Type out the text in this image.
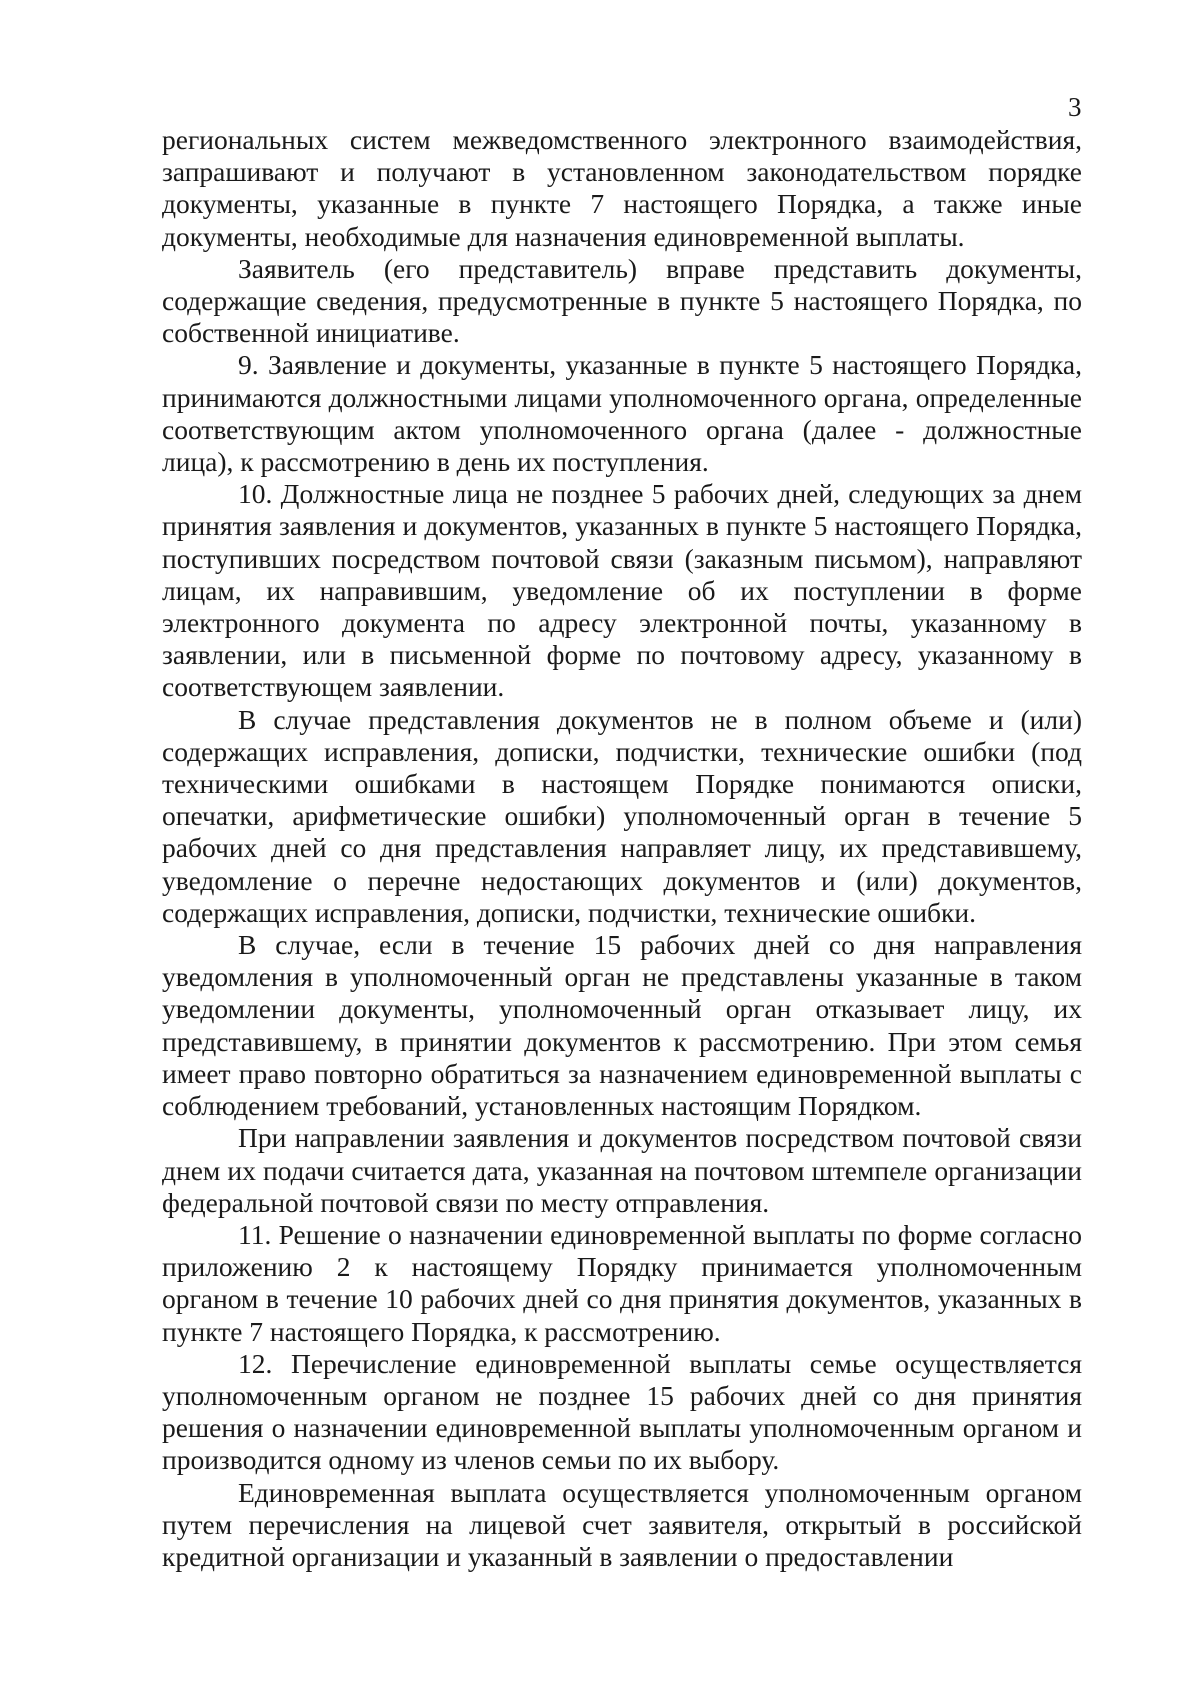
3

региональных систем межведомственного электронного взаимодействия, запрашивают и получают в установленном законодательством порядке документы, указанные в пункте 7 настоящего Порядка, а также иные документы, необходимые для назначения единовременной выплаты.

Заявитель (его представитель) вправе представить документы, содержащие сведения, предусмотренные в пункте 5 настоящего Порядка, по собственной инициативе.

9. Заявление и документы, указанные в пункте 5 настоящего Порядка, принимаются должностными лицами уполномоченного органа, определенные соответствующим актом уполномоченного органа (далее - должностные лица), к рассмотрению в день их поступления.

10. Должностные лица не позднее 5 рабочих дней, следующих за днем принятия заявления и документов, указанных в пункте 5 настоящего Порядка, поступивших посредством почтовой связи (заказным письмом), направляют лицам, их направившим, уведомление об их поступлении в форме электронного документа по адресу электронной почты, указанному в заявлении, или в письменной форме по почтовому адресу, указанному в соответствующем заявлении.

В случае представления документов не в полном объеме и (или) содержащих исправления, дописки, подчистки, технические ошибки (под техническими ошибками в настоящем Порядке понимаются описки, опечатки, арифметические ошибки) уполномоченный орган в течение 5 рабочих дней со дня представления направляет лицу, их представившему, уведомление о перечне недостающих документов и (или) документов, содержащих исправления, дописки, подчистки, технические ошибки.

В случае, если в течение 15 рабочих дней со дня направления уведомления в уполномоченный орган не представлены указанные в таком уведомлении документы, уполномоченный орган отказывает лицу, их представившему, в принятии документов к рассмотрению. При этом семья имеет право повторно обратиться за назначением единовременной выплаты с соблюдением требований, установленных настоящим Порядком.

При направлении заявления и документов посредством почтовой связи днем их подачи считается дата, указанная на почтовом штемпеле организации федеральной почтовой связи по месту отправления.

11. Решение о назначении единовременной выплаты по форме согласно приложению 2 к настоящему Порядку принимается уполномоченным органом в течение 10 рабочих дней со дня принятия документов, указанных в пункте 7 настоящего Порядка, к рассмотрению.

12. Перечисление единовременной выплаты семье осуществляется уполномоченным органом не позднее 15 рабочих дней со дня принятия решения о назначении единовременной выплаты уполномоченным органом и производится одному из членов семьи по их выбору.

Единовременная выплата осуществляется уполномоченным органом путем перечисления на лицевой счет заявителя, открытый в российской кредитной организации и указанный в заявлении о предоставлении
